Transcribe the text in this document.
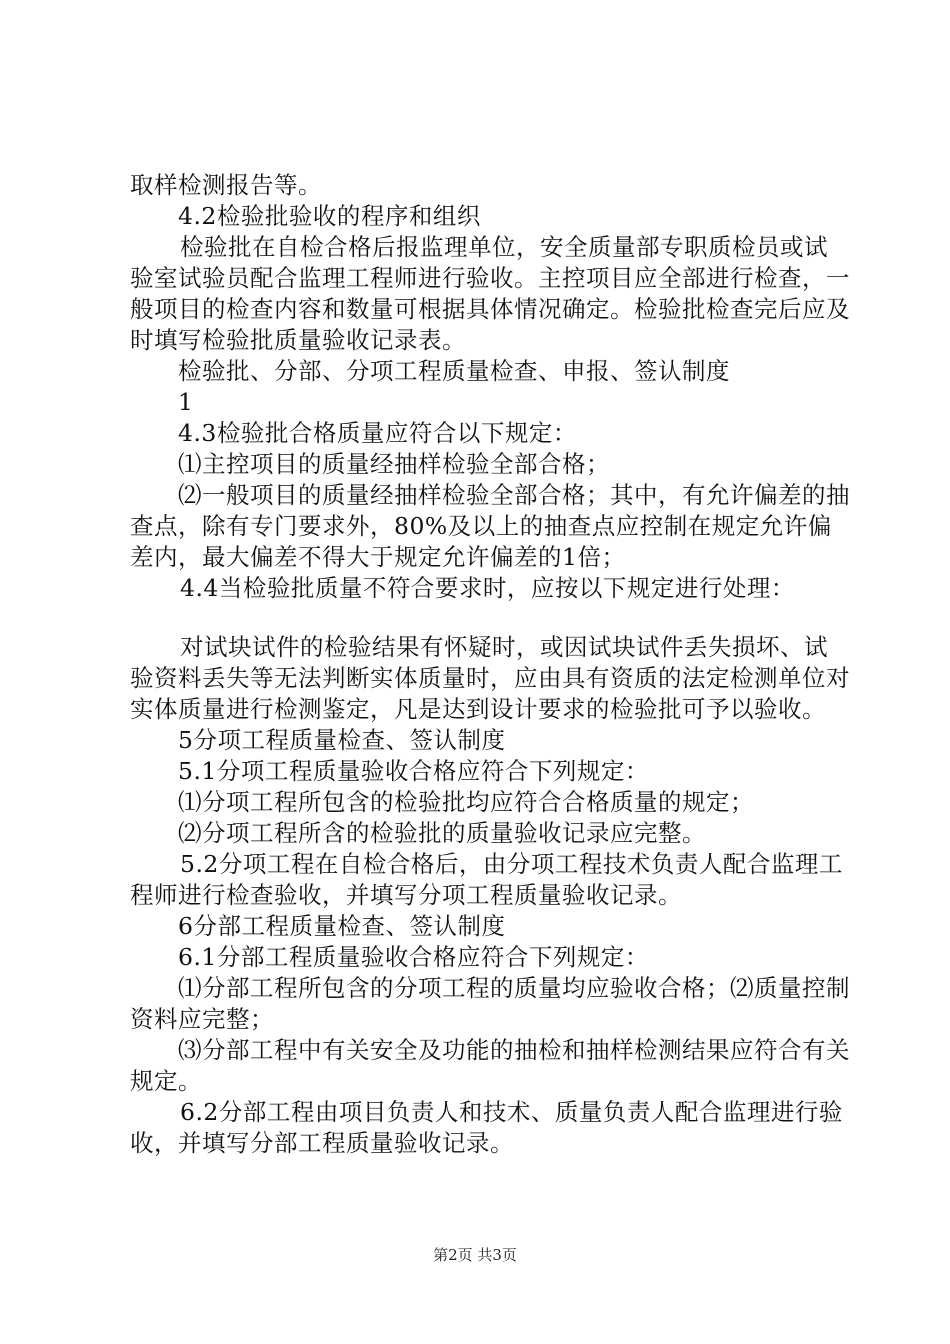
取样检测报告等。

4.2检验批验收的程序和组织

检验批在自检合格后报监理单位，安全质量部专职质检员或试验室试验员配合监理工程师进行验收。主控项目应全部进行检查，一般项目的检查内容和数量可根据具体情况确定。检验批检查完后应及时填写检验批质量验收记录表。

检验批、分部、分项工程质量检查、申报、签认制度

1

4.3检验批合格质量应符合以下规定：

⑴主控项目的质量经抽样检验全部合格；

⑵一般项目的质量经抽样检验全部合格；其中，有允许偏差的抽查点，除有专门要求外，80%及以上的抽查点应控制在规定允许偏差内，最大偏差不得大于规定允许偏差的1倍；

4.4当检验批质量不符合要求时，应按以下规定进行处理：

对试块试件的检验结果有怀疑时，或因试块试件丢失损坏、试验资料丢失等无法判断实体质量时，应由具有资质的法定检测单位对实体质量进行检测鉴定，凡是达到设计要求的检验批可予以验收。

5分项工程质量检查、签认制度

5.1分项工程质量验收合格应符合下列规定：

⑴分项工程所包含的检验批均应符合合格质量的规定；

⑵分项工程所含的检验批的质量验收记录应完整。

5.2分项工程在自检合格后，由分项工程技术负责人配合监理工程师进行检查验收，并填写分项工程质量验收记录。

6分部工程质量检查、签认制度

6.1分部工程质量验收合格应符合下列规定：

⑴分部工程所包含的分项工程的质量均应验收合格；⑵质量控制资料应完整；

⑶分部工程中有关安全及功能的抽检和抽样检测结果应符合有关规定。

6.2分部工程由项目负责人和技术、质量负责人配合监理进行验收，并填写分部工程质量验收记录。

第2页 共3页
